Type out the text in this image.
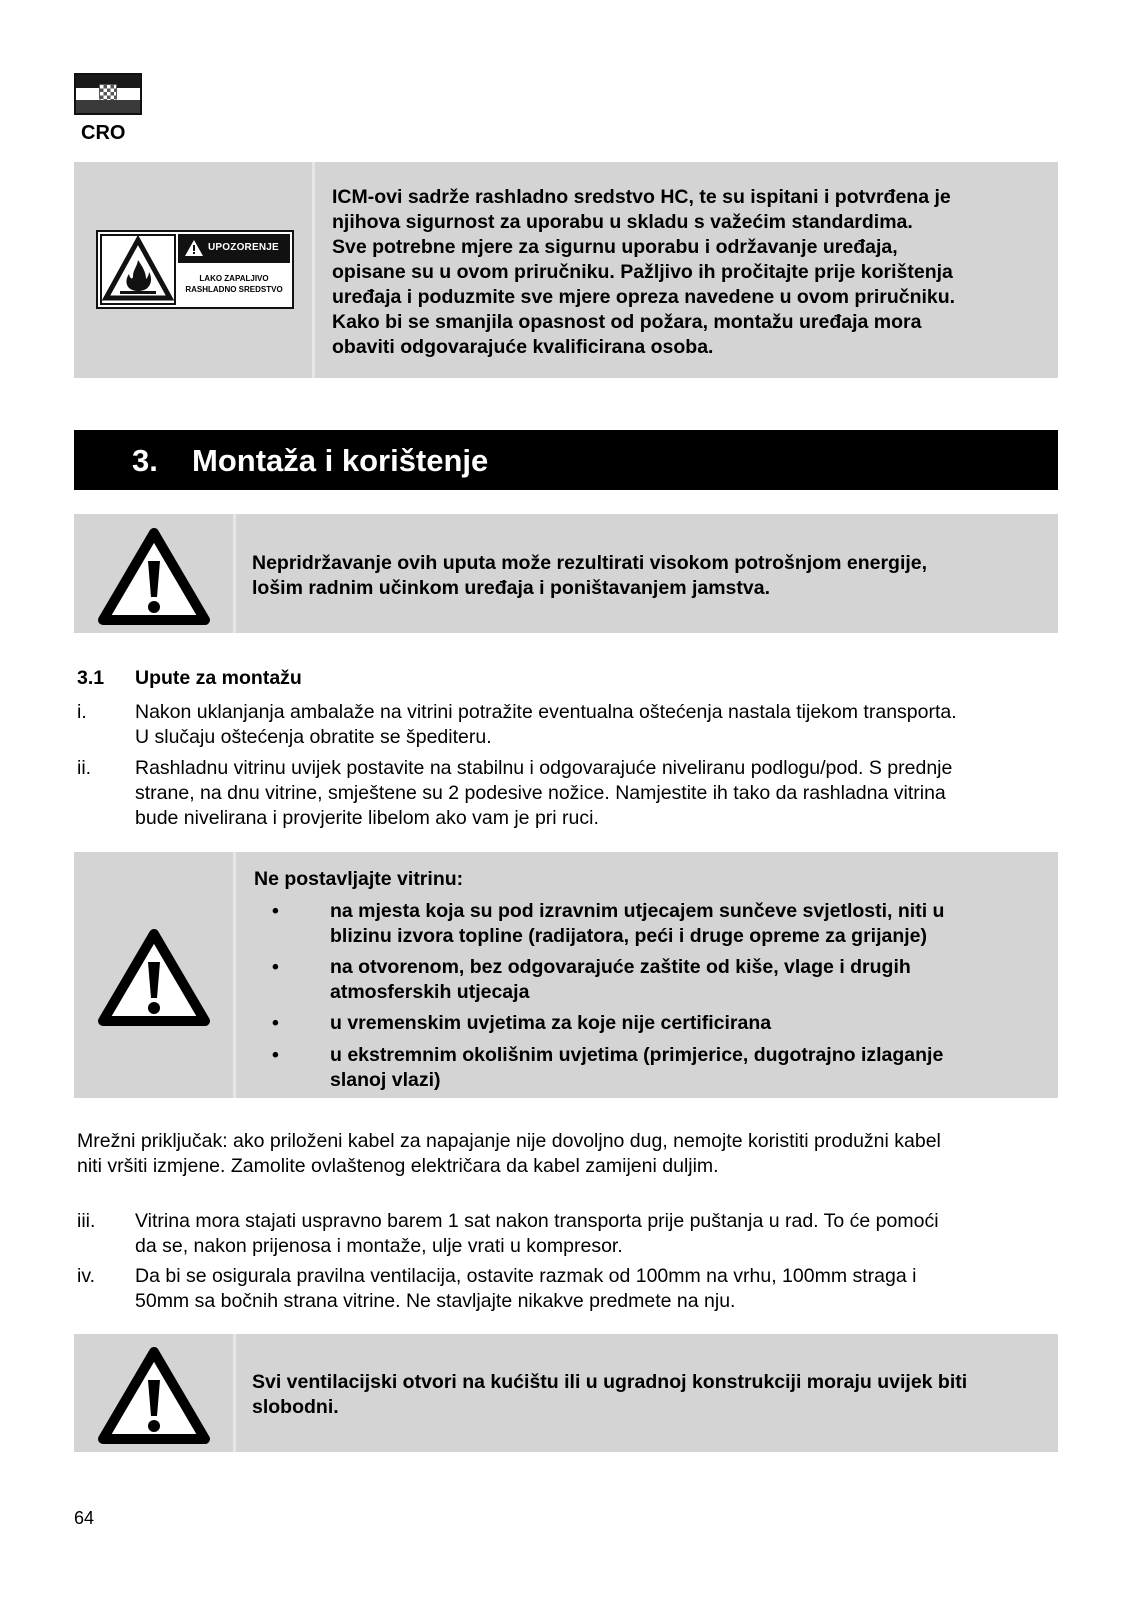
CRO
UPOZORENJE
LAKO ZAPALJIVO
RASHLADNO SREDSTVO
ICM-ovi sadrže rashladno sredstvo HC, te su ispitani i potvrđena je
njihova sigurnost za uporabu u skladu s važećim standardima.
Sve potrebne mjere za sigurnu uporabu i održavanje uređaja,
opisane su u ovom priručniku. Pažljivo ih pročitajte prije korištenja
uređaja i poduzmite sve mjere opreza navedene u ovom priručniku.
Kako bi se smanjila opasnost od požara, montažu uređaja mora
obaviti odgovarajuće kvalificirana osoba.
3. Montaža i korištenje
Nepridržavanje ovih uputa može rezultirati visokom potrošnjom energije,
lošim radnim učinkom uređaja i poništavanjem jamstva.
3.1 Upute za montažu
i. Nakon uklanjanja ambalaže na vitrini potražite eventualna oštećenja nastala tijekom transporta.
U slučaju oštećenja obratite se špediteru.
ii. Rashladnu vitrinu uvijek postavite na stabilnu i odgovarajuće niveliranu podlogu/pod. S prednje
strane, na dnu vitrine, smještene su 2 podesive nožice. Namjestite ih tako da rashladna vitrina
bude nivelirana i provjerite libelom ako vam je pri ruci.
Ne postavljajte vitrinu:
•	na mjesta koja su pod izravnim utjecajem sunčeve svjetlosti, niti u
blizinu izvora topline (radijatora, peći i druge opreme za grijanje)
•	na otvorenom, bez odgovarajuće zaštite od kiše, vlage i drugih
atmosferskih utjecaja
•	u vremenskim uvjetima za koje nije certificirana
•	u ekstremnim okolišnim uvjetima (primjerice, dugotrajno izlaganje
slanoj vlazi)
Mrežni priključak: ako priloženi kabel za napajanje nije dovoljno dug, nemojte koristiti produžni kabel
niti vršiti izmjene. Zamolite ovlaštenog električara da kabel zamijeni duljim.
iii. Vitrina mora stajati uspravno barem 1 sat nakon transporta prije puštanja u rad. To će pomoći
da se, nakon prijenosa i montaže, ulje vrati u kompresor.
iv. Da bi se osigurala pravilna ventilacija, ostavite razmak od 100mm na vrhu, 100mm straga i
50mm sa bočnih strana vitrine. Ne stavljajte nikakve predmete na nju.
Svi ventilacijski otvori na kućištu ili u ugradnoj konstrukciji moraju uvijek biti
slobodni.
64
